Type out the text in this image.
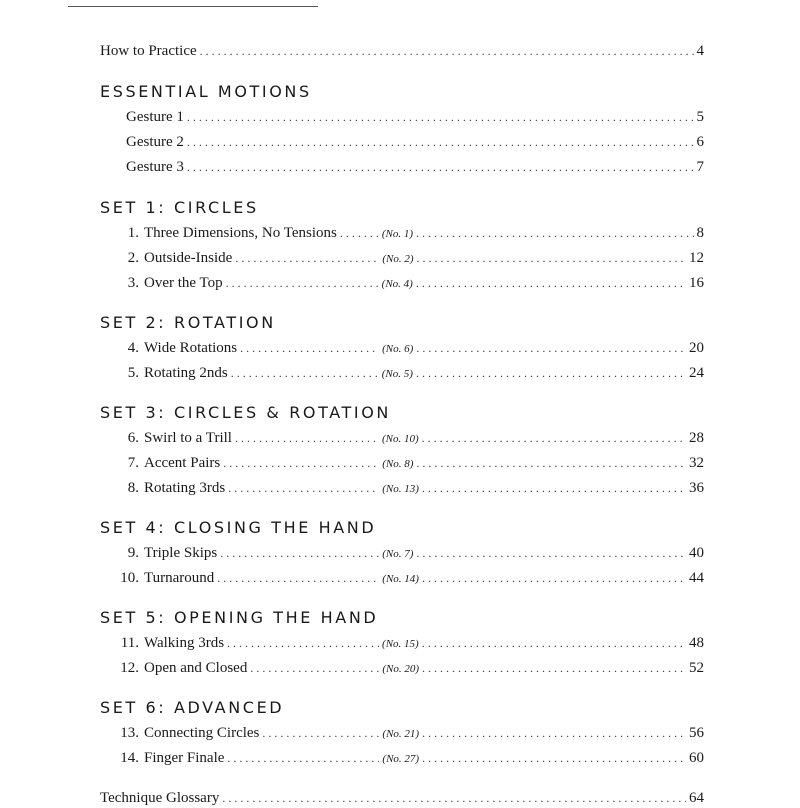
How to Practice . . .	4
ESSENTIAL MOTIONS
Gesture 1 . . .	5
Gesture 2 . . .	6
Gesture 3 . . .	7
SET 1: CIRCLES
1. Three Dimensions, No Tensions . . .	(No. 1) . . .	8
2. Outside-Inside . . .	(No. 2) . . .	12
3. Over the Top . . .	(No. 4) . . .	16
SET 2: ROTATION
4. Wide Rotations . . .	(No. 6) . . .	20
5. Rotating 2nds . . .	(No. 5) . . .	24
SET 3: CIRCLES & ROTATION
6. Swirl to a Trill . . .	(No. 10) . . .	28
7. Accent Pairs . . .	(No. 8) . . .	32
8. Rotating 3rds . . .	(No. 13) . . .	36
SET 4: CLOSING THE HAND
9. Triple Skips . . .	(No. 7) . . .	40
10. Turnaround . . .	(No. 14) . . .	44
SET 5: OPENING THE HAND
11. Walking 3rds . . .	(No. 15) . . .	48
12. Open and Closed . . .	(No. 20) . . .	52
SET 6: ADVANCED
13. Connecting Circles . . .	(No. 21) . . .	56
14. Finger Finale . . .	(No. 27) . . .	60
Technique Glossary . . .	64
